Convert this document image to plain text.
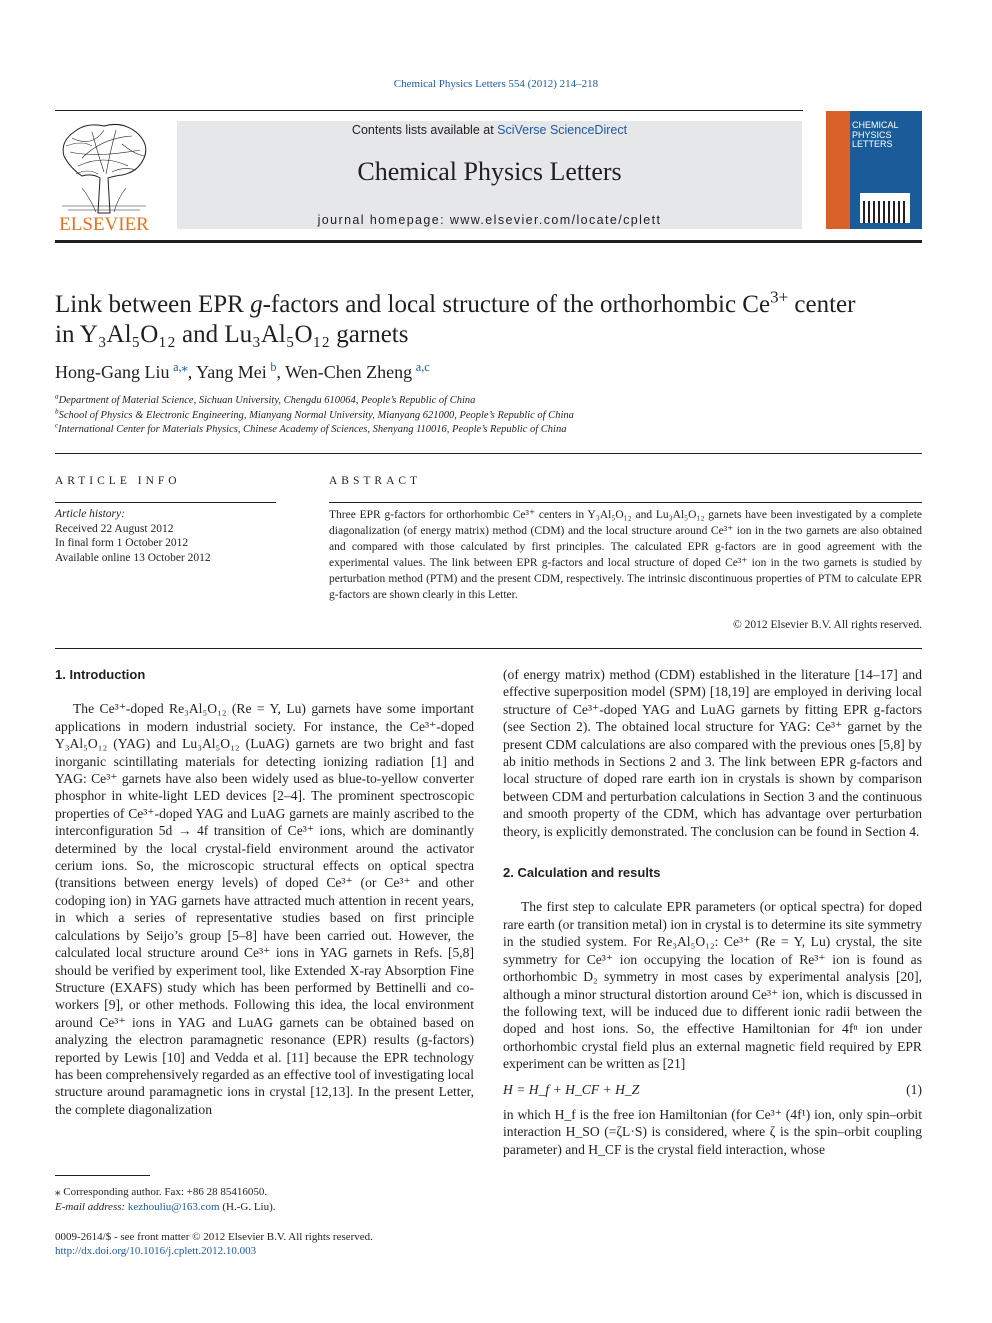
Chemical Physics Letters 554 (2012) 214–218
ELSEVIER
Contents lists available at SciVerse ScienceDirect
Chemical Physics Letters
journal homepage: www.elsevier.com/locate/cplett
CHEMICAL
PHYSICS
LETTERS
Link between EPR g-factors and local structure of the orthorhombic $Ce^{3+}$ center
in Y₃Al₅O₁₂ and Lu₃Al₅O₁₂ garnets
Hong-Gang Liu  $^{a,⁎}$, Yang Mei  $^b$, Wen-Chen Zheng  $^{a,c}$
$^a$Department of Material Science, Sichuan University, Chengdu 610064, People’s Republic of China
$^b$School of Physics & Electronic Engineering, Mianyang Normal University, Mianyang 621000, People’s Republic of China
$^c$International Center for Materials Physics, Chinese Academy of Sciences, Shenyang 110016, People’s Republic of China
ARTICLE INFO	ABSTRACT
Article history:
Received 22 August 2012
In final form 1 October 2012
Available online 13 October 2012
Three EPR g-factors for orthorhombic Ce³⁺ centers in Y₃Al₅O₁₂ and Lu₃Al₅O₁₂ garnets have been investigated by a complete diagonalization (of energy matrix) method (CDM) and the local structure around Ce³⁺ ion in the two garnets are also obtained and compared with those calculated by first principles. The calculated EPR g-factors are in good agreement with the experimental values. The link between EPR g-factors and local structure of doped Ce³⁺ ion in the two garnets is studied by perturbation method (PTM) and the present CDM, respectively. The intrinsic discontinuous properties of PTM to calculate EPR g-factors are shown clearly in this Letter.
© 2012 Elsevier B.V. All rights reserved.

1. Introduction

The Ce³⁺-doped Re₃Al₅O₁₂ (Re = Y, Lu) garnets have some important applications in modern industrial society. For instance, the Ce³⁺-doped Y₃Al₅O₁₂ (YAG) and Lu₃Al₅O₁₂ (LuAG) garnets are two bright and fast inorganic scintillating materials for detecting ionizing radiation [1] and YAG: Ce³⁺ garnets have also been widely used as blue-to-yellow converter phosphor in white-light LED devices [2–4]. The prominent spectroscopic properties of Ce³⁺-doped YAG and LuAG garnets are mainly ascribed to the interconfiguration 5d → 4f transition of Ce³⁺ ions, which are dominantly determined by the local crystal-field environment around the activator cerium ions. So, the microscopic structural effects on optical spectra (transitions between energy levels) of doped Ce³⁺ (or Ce³⁺ and other codoping ion) in YAG garnets have attracted much attention in recent years, in which a series of representative studies based on first principle calculations by Seijo’s group [5–8] have been carried out. However, the calculated local structure around Ce³⁺ ions in YAG garnets in Refs. [5,8] should be verified by experiment tool, like Extended X-ray Absorption Fine Structure (EXAFS) study which has been performed by Bettinelli and co-workers [9], or other methods. Following this idea, the local environment around Ce³⁺ ions in YAG and LuAG garnets can be obtained based on analyzing the electron paramagnetic resonance (EPR) results (g-factors) reported by Lewis [10] and Vedda et al. [11] because the EPR technology has been comprehensively regarded as an effective tool of investigating local structure around paramagnetic ions in crystal [12,13]. In the present Letter, the complete diagonalization

(of energy matrix) method (CDM) established in the literature [14–17] and effective superposition model (SPM) [18,19] are employed in deriving local structure of Ce³⁺-doped YAG and LuAG garnets by fitting EPR g-factors (see Section 2). The obtained local structure for YAG: Ce³⁺ garnet by the present CDM calculations are also compared with the previous ones [5,8] by ab initio methods in Sections 2 and 3. The link between EPR g-factors and local structure of doped rare earth ion in crystals is shown by comparison between CDM and perturbation calculations in Section 3 and the continuous and smooth property of the CDM, which has advantage over perturbation theory, is explicitly demonstrated. The conclusion can be found in Section 4.

2. Calculation and results

The first step to calculate EPR parameters (or optical spectra) for doped rare earth (or transition metal) ion in crystal is to determine its site symmetry in the studied system. For Re₃Al₅O₁₂: Ce³⁺ (Re = Y, Lu) crystal, the site symmetry for Ce³⁺ ion occupying the location of Re³⁺ ion is found as orthorhombic D₂ symmetry in most cases by experimental analysis [20], although a minor structural distortion around Ce³⁺ ion, which is discussed in the following text, will be induced due to different ionic radii between the doped and host ions. So, the effective Hamiltonian for 4fⁿ ion under orthorhombic crystal field plus an external magnetic field required by EPR experiment can be written as [21]

H = H_f + H_CF + H_Z	(1)

in which H_f is the free ion Hamiltonian (for Ce³⁺ (4f¹) ion, only spin–orbit interaction H_SO (=ζL·S) is considered, where ζ is the spin–orbit coupling parameter) and H_CF is the crystal field interaction, whose

⁎ Corresponding author. Fax: +86 28 85416050.
E-mail address: kezhouliu@163.com (H.-G. Liu).
0009-2614/$ - see front matter © 2012 Elsevier B.V. All rights reserved.
http://dx.doi.org/10.1016/j.cplett.2012.10.003
